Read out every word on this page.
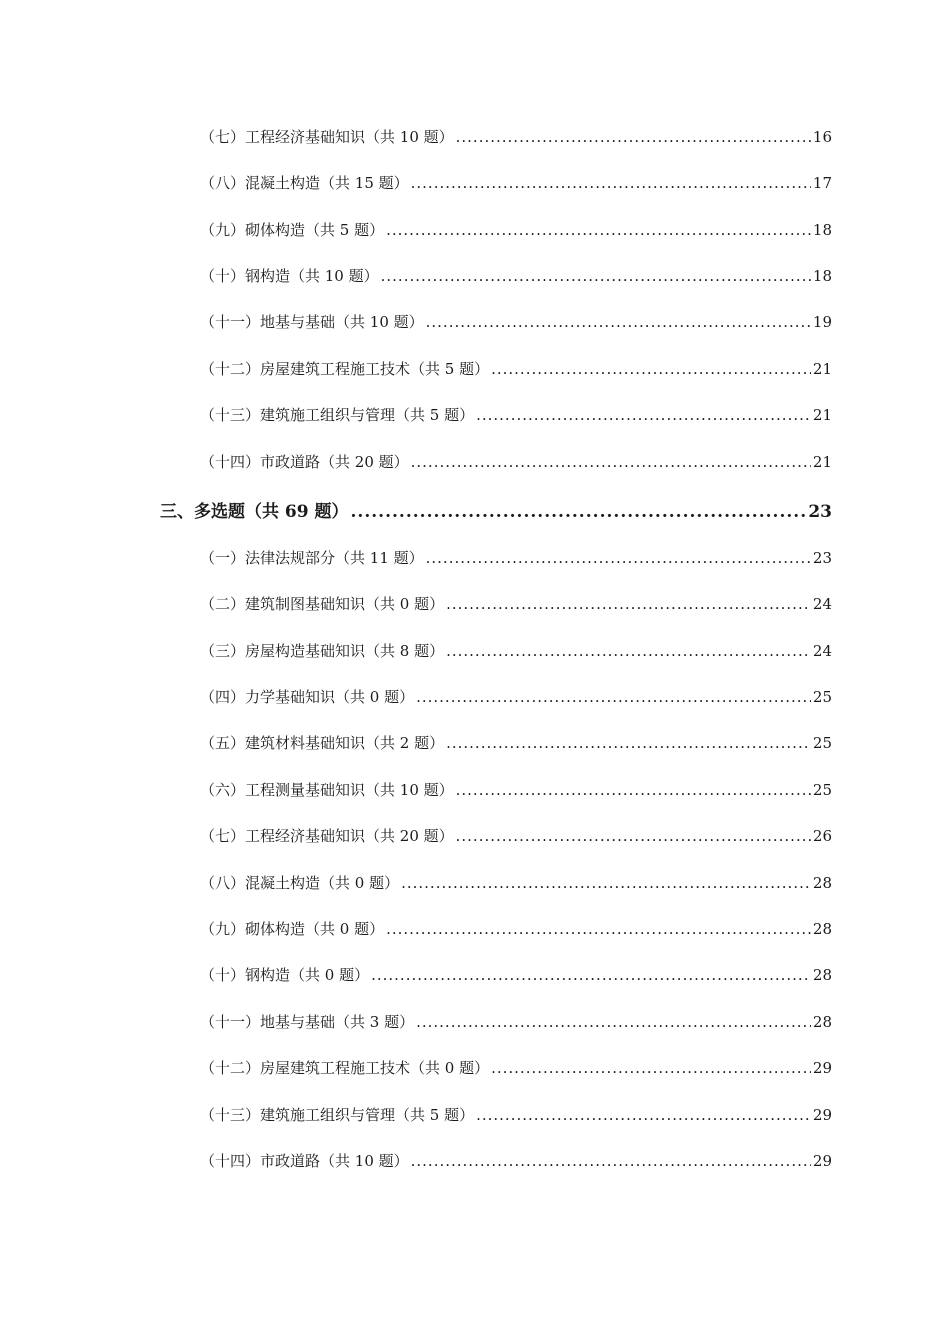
（七）工程经济基础知识（共 10 题） .....	16
（八）混凝土构造（共 15 题） .....	17
（九）砌体构造（共 5 题） .....	18
（十）钢构造（共 10 题） .....	18
（十一）地基与基础（共 10 题） .....	19
（十二）房屋建筑工程施工技术（共 5 题） .....	21
（十三）建筑施工组织与管理（共 5 题） .....	21
（十四）市政道路（共 20 题） .....	21
三、多选题（共 69 题） .....	23
（一）法律法规部分（共 11 题） .....	23
（二）建筑制图基础知识（共 0 题） .....	24
（三）房屋构造基础知识（共 8 题） .....	24
（四）力学基础知识（共 0 题） .....	25
（五）建筑材料基础知识（共 2 题） .....	25
（六）工程测量基础知识（共 10 题） .....	25
（七）工程经济基础知识（共 20 题） .....	26
（八）混凝土构造（共 0 题） .....	28
（九）砌体构造（共 0 题） .....	28
（十）钢构造（共 0 题） .....	28
（十一）地基与基础（共 3 题） .....	28
（十二）房屋建筑工程施工技术（共 0 题） .....	29
（十三）建筑施工组织与管理（共 5 题） .....	29
（十四）市政道路（共 10 题） .....	29
